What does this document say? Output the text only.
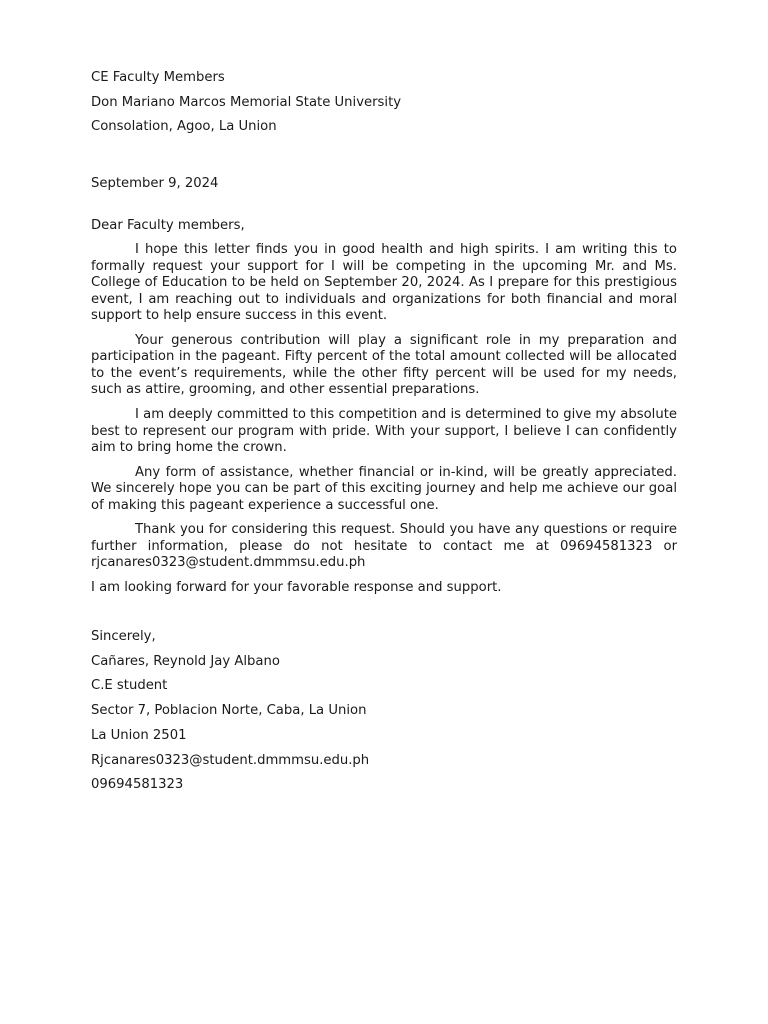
CE Faculty Members
Don Mariano Marcos Memorial State University
Consolation, Agoo, La Union
September 9, 2024
Dear Faculty members,

I hope this letter finds you in good health and high spirits. I am writing this to formally request your support for I will be competing in the upcoming Mr. and Ms. College of Education to be held on September 20, 2024. As I prepare for this prestigious event, I am reaching out to individuals and organizations for both financial and moral support to help ensure success in this event.

Your generous contribution will play a significant role in my preparation and participation in the pageant. Fifty percent of the total amount collected will be allocated to the event’s requirements, while the other fifty percent will be used for my needs, such as attire, grooming, and other essential preparations.

I am deeply committed to this competition and is determined to give my absolute best to represent our program with pride. With your support, I believe I can confidently aim to bring home the crown.

Any form of assistance, whether financial or in-kind, will be greatly appreciated. We sincerely hope you can be part of this exciting journey and help me achieve our goal of making this pageant experience a successful one.

Thank you for considering this request. Should you have any questions or require further information, please do not hesitate to contact me at 09694581323 or rjcanares0323@student.dmmmsu.edu.ph

I am looking forward for your favorable response and support.
Sincerely,
Cañares, Reynold Jay Albano
C.E student
Sector 7, Poblacion Norte, Caba, La Union
La Union 2501
Rjcanares0323@student.dmmmsu.edu.ph
09694581323
